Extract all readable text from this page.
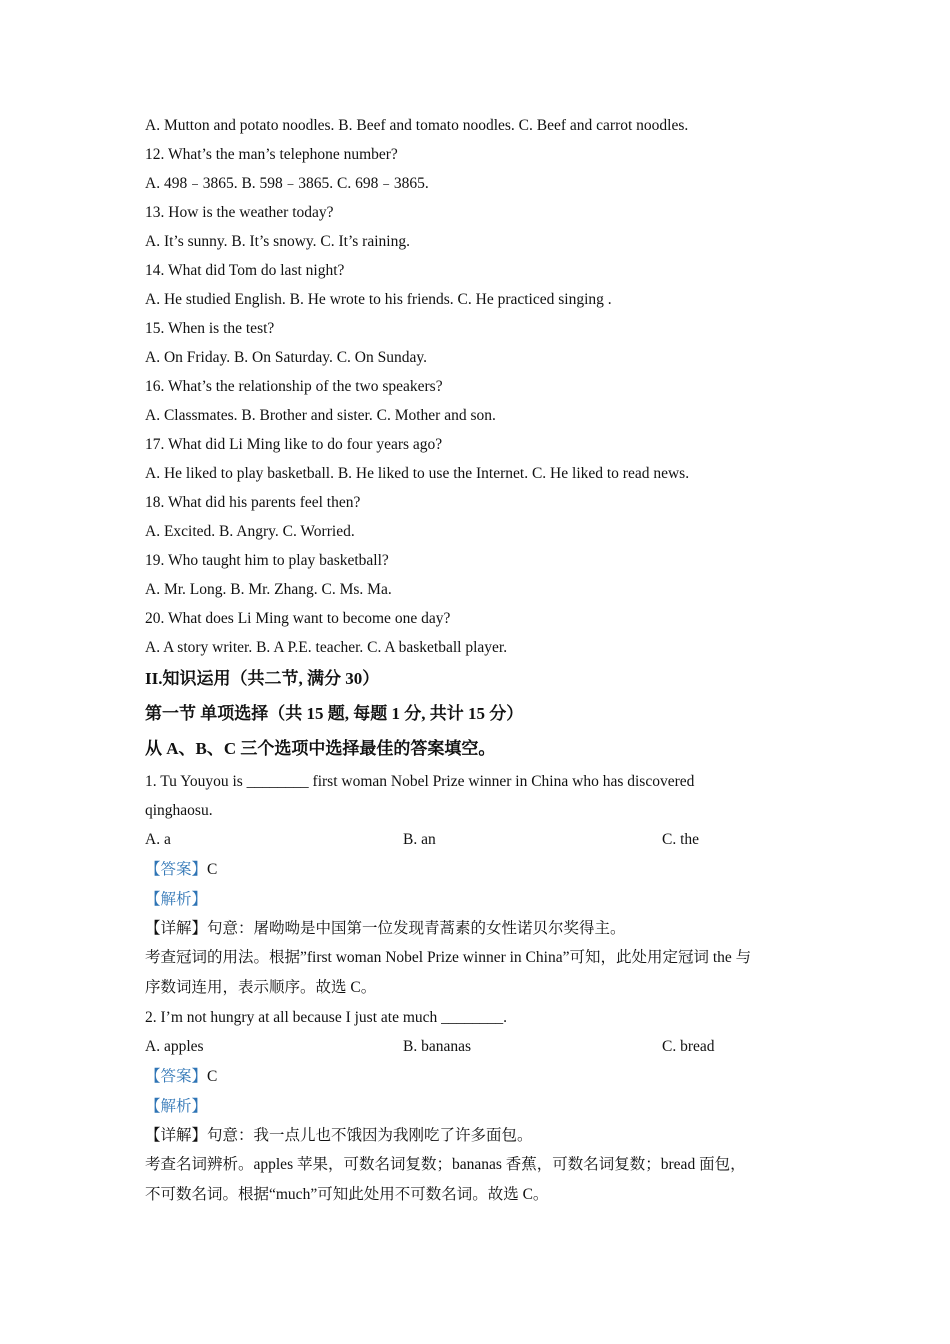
A. Mutton and potato noodles. B. Beef and tomato noodles. C. Beef and carrot noodles.
12. What’s the man’s telephone number?
A. 498﹣3865. B. 598﹣3865. C. 698﹣3865.
13. How is the weather today?
A. It’s sunny. B. It’s snowy. C. It’s raining.
14. What did Tom do last night?
A. He studied English. B. He wrote to his friends. C. He practiced singing .
15. When is the test?
A. On Friday. B. On Saturday. C. On Sunday.
16. What’s the relationship of the two speakers?
A. Classmates. B. Brother and sister. C. Mother and son.
17. What did Li Ming like to do four years ago?
A. He liked to play basketball. B. He liked to use the Internet. C. He liked to read news.
18. What did his parents feel then?
A. Excited. B. Angry. C. Worried.
19. Who taught him to play basketball?
A. Mr. Long. B. Mr. Zhang. C. Ms. Ma.
20. What does Li Ming want to become one day?
A. A story writer. B. A P.E. teacher. C. A basketball player.
II.知识运用（共二节, 满分 30）
第一节 单项选择（共 15 题, 每题 1 分, 共计 15 分）
从 A、B、C 三个选项中选择最佳的答案填空。
1. Tu Youyou is ________ first woman Nobel Prize winner in China who has discovered
qinghaosu.
A. a	B. an	C. the
【答案】C
【解析】
【详解】句意：屠呦呦是中国第一位发现青蒿素的女性诺贝尔奖得主。
考查冠词的用法。根据”first woman Nobel Prize winner in China”可知，此处用定冠词 the 与
序数词连用，表示顺序。故选 C。
2. I’m not hungry at all because I just ate much ________.
A. apples	B. bananas	C. bread
【答案】C
【解析】
【详解】句意：我一点儿也不饿因为我刚吃了许多面包。
考查名词辨析。apples 苹果，可数名词复数；bananas 香蕉，可数名词复数；bread 面包，
不可数名词。根据“much”可知此处用不可数名词。故选 C。
